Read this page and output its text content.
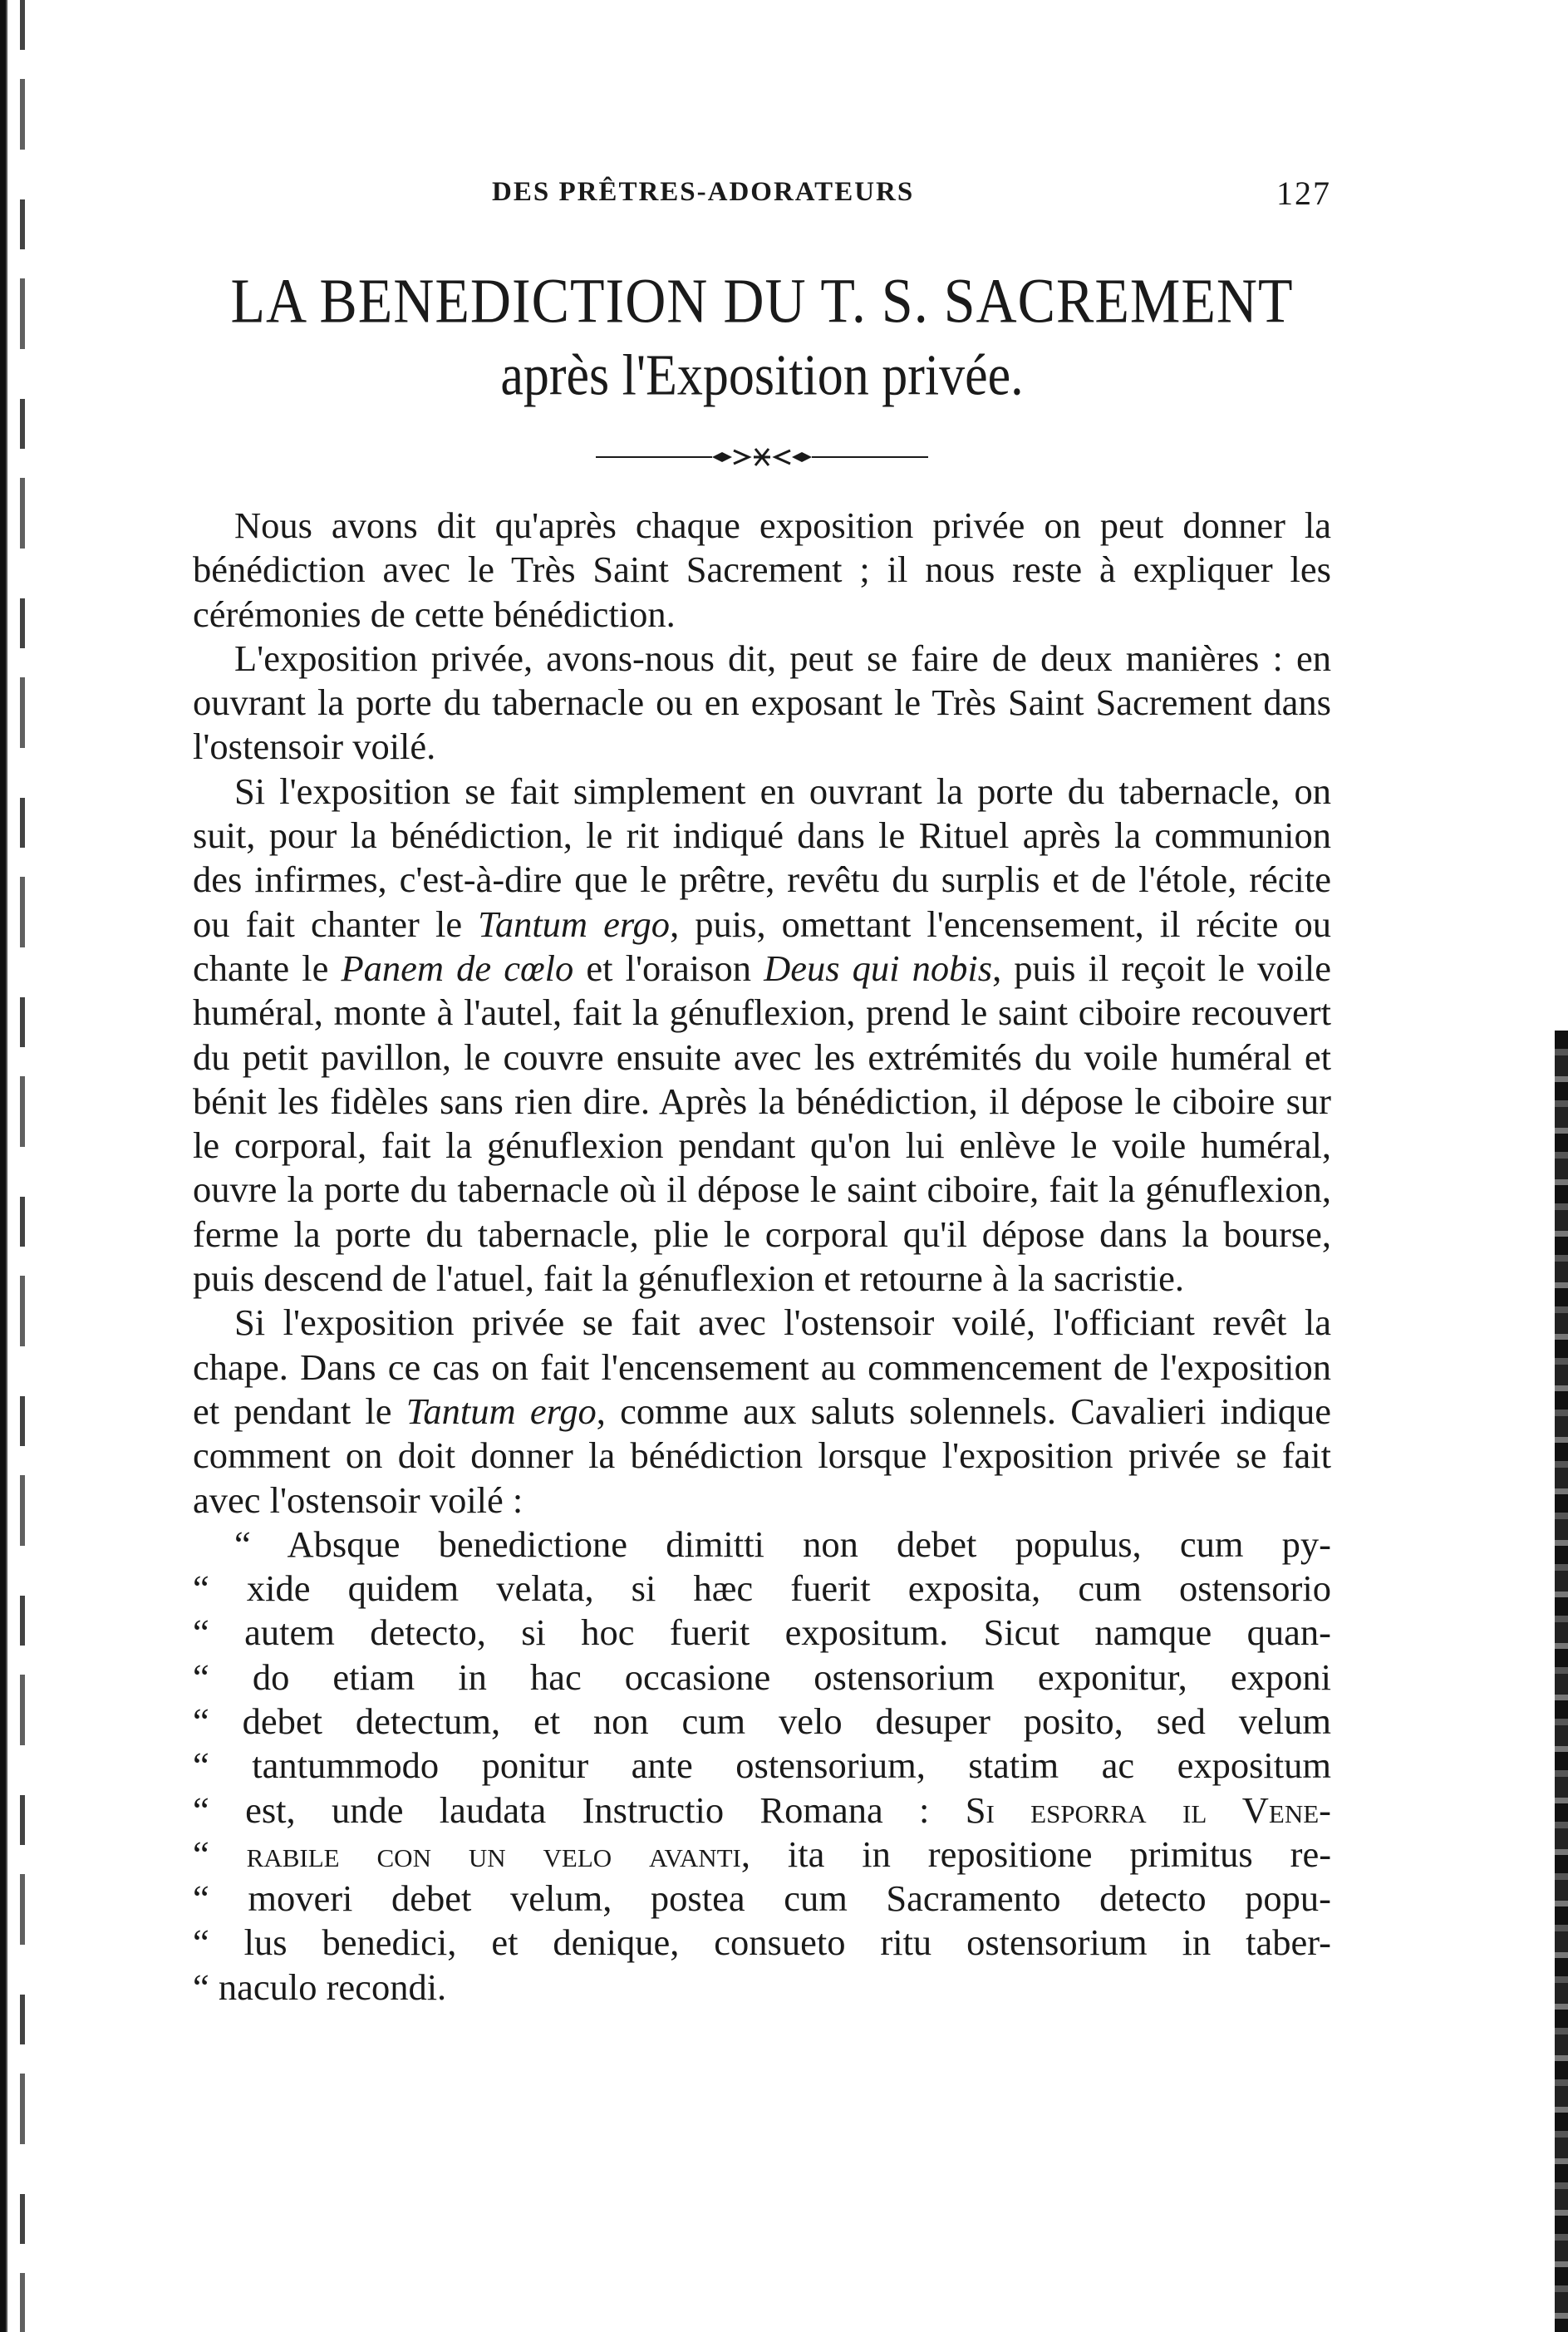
DES PRÊTRES-ADORATEURS	127
LA BENEDICTION DU T. S. SACREMENT
après l'Exposition privée.

Nous avons dit qu'après chaque exposition privée on peut donner la bénédiction avec le Très Saint Sacrement ; il nous reste à expliquer les cérémonies de cette bénédiction.

L'exposition privée, avons-nous dit, peut se faire de deux manières : en ouvrant la porte du tabernacle ou en exposant le Très Saint Sacrement dans l'ostensoir voilé.

Si l'exposition se fait simplement en ouvrant la porte du tabernacle, on suit, pour la bénédiction, le rit indiqué dans le Rituel après la communion des infirmes, c'est-à-dire que le prêtre, revêtu du surplis et de l'étole, récite ou fait chanter le Tantum ergo, puis, omettant l'encensement, il récite ou chante le Panem de cœlo et l'oraison Deus qui nobis, puis il reçoit le voile huméral, monte à l'autel, fait la génuflexion, prend le saint ciboire recouvert du petit pavillon, le couvre ensuite avec les extrémités du voile huméral et bénit les fidèles sans rien dire. Après la bénédiction, il dépose le ciboire sur le corporal, fait la génuflexion pendant qu'on lui enlève le voile huméral, ouvre la porte du tabernacle où il dépose le saint ciboire, fait la génuflexion, ferme la porte du tabernacle, plie le corporal qu'il dépose dans la bourse, puis descend de l'atuel, fait la génuflexion et retourne à la sacristie.

Si l'exposition privée se fait avec l'ostensoir voilé, l'officiant revêt la chape. Dans ce cas on fait l'encensement au commencement de l'exposition et pendant le Tantum ergo, comme aux saluts solennels. Cavalieri indique comment on doit donner la bénédiction lorsque l'exposition privée se fait avec l'ostensoir voilé :

“ Absque benedictione dimitti non debet populus, cum py-

“ xide quidem velata, si hæc fuerit exposita, cum ostensorio

“ autem detecto, si hoc fuerit expositum. Sicut namque quan-

“ do etiam in hac occasione ostensorium exponitur, exponi

“ debet detectum, et non cum velo desuper posito, sed velum

“ tantummodo ponitur ante ostensorium, statim ac expositum

“ est, unde laudata Instructio Romana : Si esporra il Vene-

“ rabile con un velo avanti, ita in repositione primitus re-

“ moveri debet velum, postea cum Sacramento detecto popu-

“ lus benedici, et denique, consueto ritu ostensorium in taber-

“ naculo recondi.
